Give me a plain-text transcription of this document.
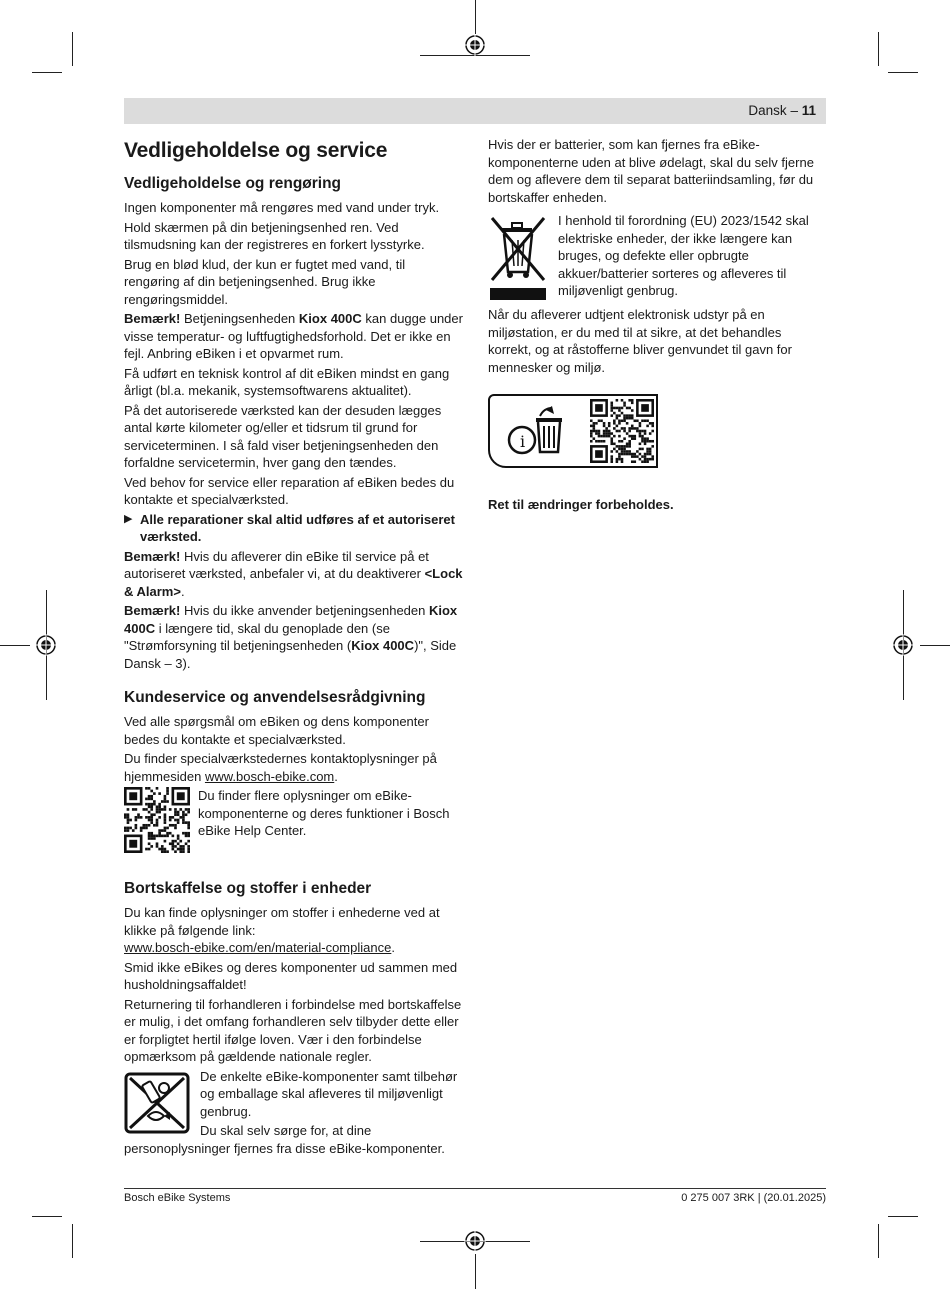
Dansk – 11
Vedligeholdelse og service
Vedligeholdelse og rengøring

Ingen komponenter må rengøres med vand under tryk.

Hold skærmen på din betjeningsenhed ren. Ved tilsmudsning kan der registreres en forkert lysstyrke.

Brug en blød klud, der kun er fugtet med vand, til rengøring af din betjeningsenhed. Brug ikke rengøringsmiddel.

Bemærk! Betjeningsenheden Kiox 400C kan dugge under visse temperatur- og luftfugtighedsforhold. Det er ikke en fejl. Anbring eBiken i et opvarmet rum.

Få udført en teknisk kontrol af dit eBiken mindst en gang årligt (bl.a. mekanik, systemsoftwarens aktualitet).

På det autoriserede værksted kan der desuden lægges antal kørte kilometer og/eller et tidsrum til grund for serviceterminen. I så fald viser betjeningsenheden den forfaldne servicetermin, hver gang den tændes.

Ved behov for service eller reparation af eBiken bedes du kontakte et specialværksted.

▶ Alle reparationer skal altid udføres af et autoriseret værksted.

Bemærk! Hvis du afleverer din eBike til service på et autoriseret værksted, anbefaler vi, at du deaktiverer <Lock & Alarm>.

Bemærk! Hvis du ikke anvender betjeningsenheden Kiox 400C i længere tid, skal du genoplade den (se "Strømforsyning til betjeningsenheden (Kiox 400C)", Side Dansk – 3).

Kundeservice og anvendelsesrådgivning

Ved alle spørgsmål om eBiken og dens komponenter bedes du kontakte et specialværksted.

Du finder specialværkstedernes kontaktoplysninger på hjemmesiden www.bosch-ebike.com.

Du finder flere oplysninger om eBike-komponenterne og deres funktioner i Bosch eBike Help Center.
Bortskaffelse og stoffer i enheder

Du kan finde oplysninger om stoffer i enhederne ved at klikke på følgende link:
www.bosch-ebike.com/en/material-compliance.

Smid ikke eBikes og deres komponenter ud sammen med husholdningsaffaldet!

Returnering til forhandleren i forbindelse med bortskaffelse er mulig, i det omfang forhandleren selv tilbyder dette eller er forpligtet hertil ifølge loven. Vær i den forbindelse opmærksom på gældende nationale regler.

De enkelte eBike-komponenter samt tilbehør og emballage skal afleveres til miljøvenligt genbrug.

Du skal selv sørge for, at dine personoplysninger fjernes fra disse eBike-komponenter.

Hvis der er batterier, som kan fjernes fra eBike-komponenterne uden at blive ødelagt, skal du selv fjerne dem og aflevere dem til separat batteriindsamling, før du bortskaffer enheden.

I henhold til forordning (EU) 2023/1542 skal elektriske enheder, der ikke længere kan bruges, og defekte eller opbrugte akkuer/batterier sorteres og afleveres til miljøvenligt genbrug.

Når du afleverer udtjent elektronisk udstyr på en miljøstation, er du med til at sikre, at det behandles korrekt, og at råstofferne bliver genvundet til gavn for mennesker og miljø.

i

Ret til ændringer forbeholdes.

Bosch eBike Systems	0 275 007 3RK | (20.01.2025)
